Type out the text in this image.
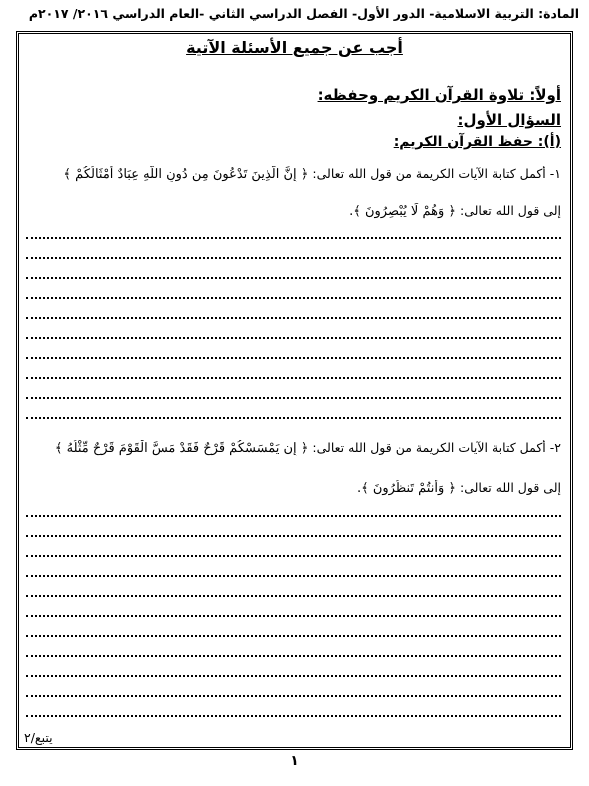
المادة: التربية الاسلامية- الدور الأول- الفصل الدراسي الثاني -العام الدراسي ٢٠١٦/ ٢٠١٧م
أجب عن جميع الأسئلة الآتية
أولاً: تلاوة القرآن الكريم وحفظه:
السؤال الأول:
(أ): حفظ القرآن الكريم:
١- أكمل كتابة الآيات الكريمة من قول الله تعالى: ﴿ إِنَّ الَّذِينَ تَدْعُونَ مِن دُونِ اللَّهِ عِبَادٌ أَمْثَالُكُمْ ﴾
إلى قول الله تعالى: ﴿ وَهُمْ لَا يُبْصِرُونَ ﴾.
٢- أكمل كتابة الآيات الكريمة من قول الله تعالى: ﴿ إِن يَمْسَسْكُمْ قَرْحٌ فَقَدْ مَسَّ الْقَوْمَ قَرْحٌ مِّثْلُهُ ﴾
إلى قول الله تعالى: ﴿ وَأَنتُمْ تَنظُرُونَ ﴾.
يتبع/٢
١
